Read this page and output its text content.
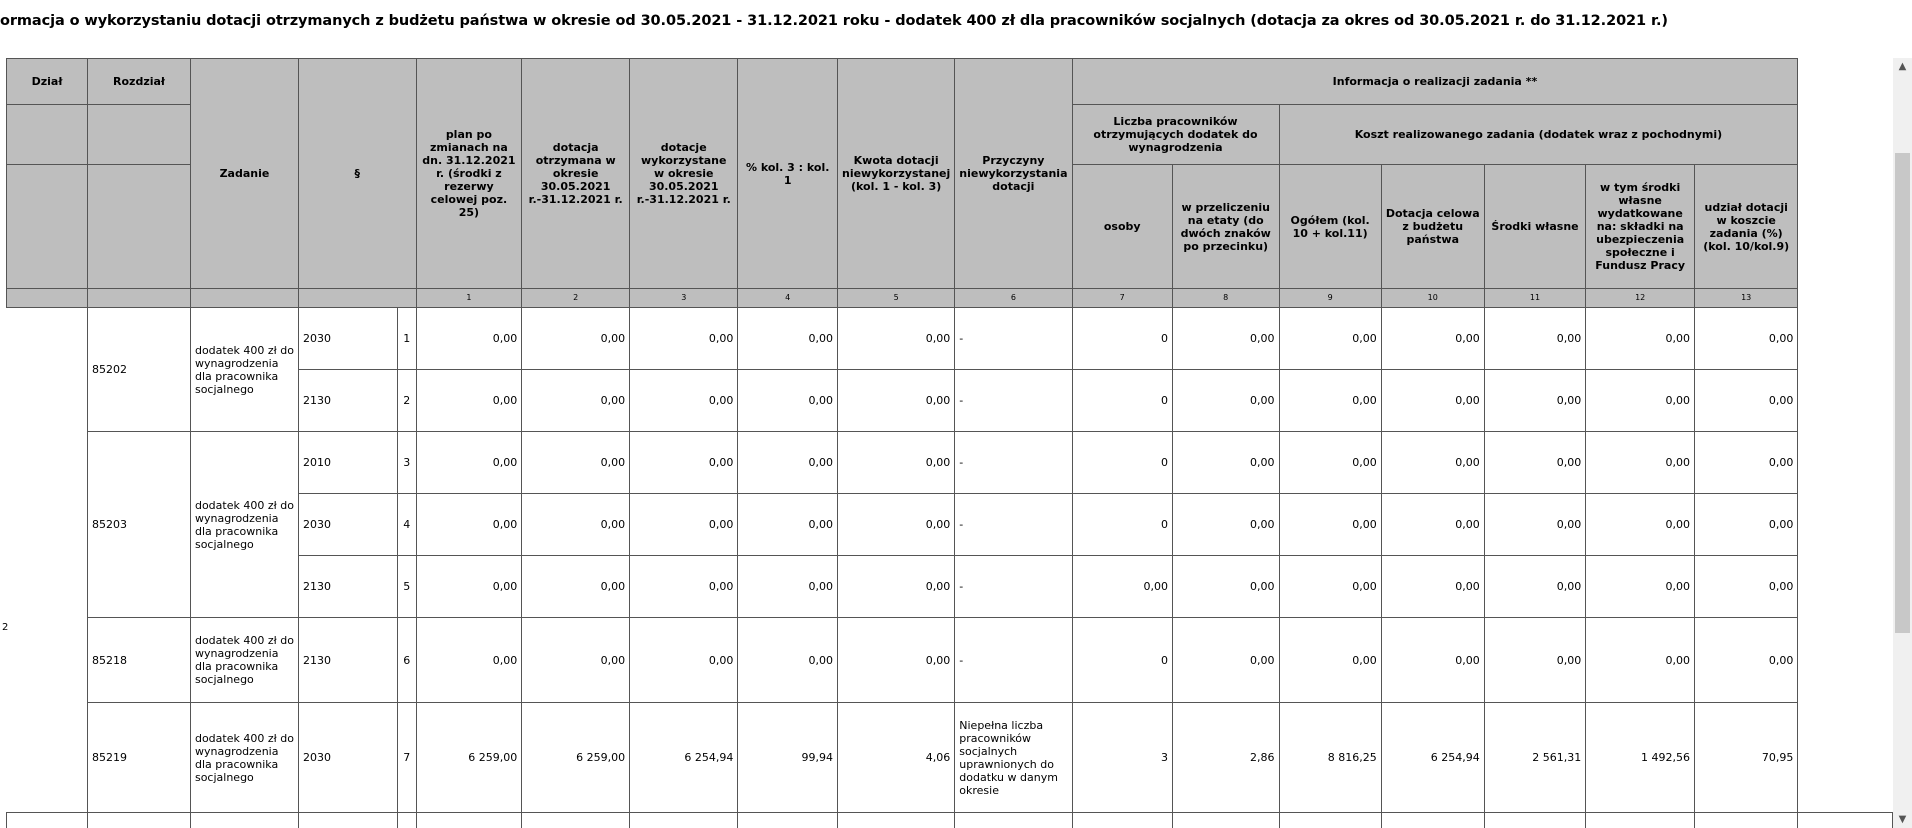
ormacja o wykorzystaniu dotacji otrzymanych z budżetu państwa w okresie od 30.05.2021 - 31.12.2021 roku - dodatek 400 zł dla pracowników socjalnych (dotacja za okres od 30.05.2021 r. do 31.12.2021 r.)
Dział	Rozdział	Zadanie	§		plan po zmianach na dn. 31.12.2021 r. (środki z rezerwy celowej poz. 25)	dotacja otrzymana w okresie 30.05.2021 r.-31.12.2021 r.	dotacje wykorzystane w okresie 30.05.2021 r.-31.12.2021 r.	% kol. 3 : kol. 1	Kwota dotacji niewykorzystanej (kol. 1 - kol. 3)	Przyczyny niewykorzystania dotacji	Informacja o realizacji zadania **							
											Liczba pracowników otrzymujących dodatek do wynagrodzenia		Koszt realizowanego zadania (dodatek wraz z pochodnymi)					
											osoby	w przeliczeniu na etaty (do dwóch znaków po przecinku)	Ogółem (kol. 10 + kol.11)	Dotacja celowa z budżetu państwa	Środki własne	w tym środki własne wydatkowane na: składki na ubezpieczenia społeczne i Fundusz Pracy	udział dotacji w koszcie zadania (%) (kol. 10/kol.9)	
					1	2	3	4	5	6	7	8	9	10	11	12	13	
	85202	dodatek 400 zł do wynagrodzenia dla pracownika socjalnego	2030	1	0,00	0,00	0,00	0,00	0,00	-	0	0,00	0,00	0,00	0,00	0,00	0,00	
			2130	2	0,00	0,00	0,00	0,00	0,00	-	0	0,00	0,00	0,00	0,00	0,00	0,00	
	85203	dodatek 400 zł do wynagrodzenia dla pracownika socjalnego	2010	3	0,00	0,00	0,00	0,00	0,00	-	0	0,00	0,00	0,00	0,00	0,00	0,00	
			2030	4	0,00	0,00	0,00	0,00	0,00	-	0	0,00	0,00	0,00	0,00	0,00	0,00	
			2130	5	0,00	0,00	0,00	0,00	0,00	-	0,00	0,00	0,00	0,00	0,00	0,00	0,00	
	85218	dodatek 400 zł do wynagrodzenia dla pracownika socjalnego	2130	6	0,00	0,00	0,00	0,00	0,00	-	0	0,00	0,00	0,00	0,00	0,00	0,00	
	85219	dodatek 400 zł do wynagrodzenia dla pracownika socjalnego	2030	7	6 259,00	6 259,00	6 254,94	99,94	4,06	Niepełna liczba pracowników socjalnych uprawnionych do dodatku w danym okresie	3	2,86	8 816,25	6 254,94	2 561,31	1 492,56	70,95	

2
▲
▼
